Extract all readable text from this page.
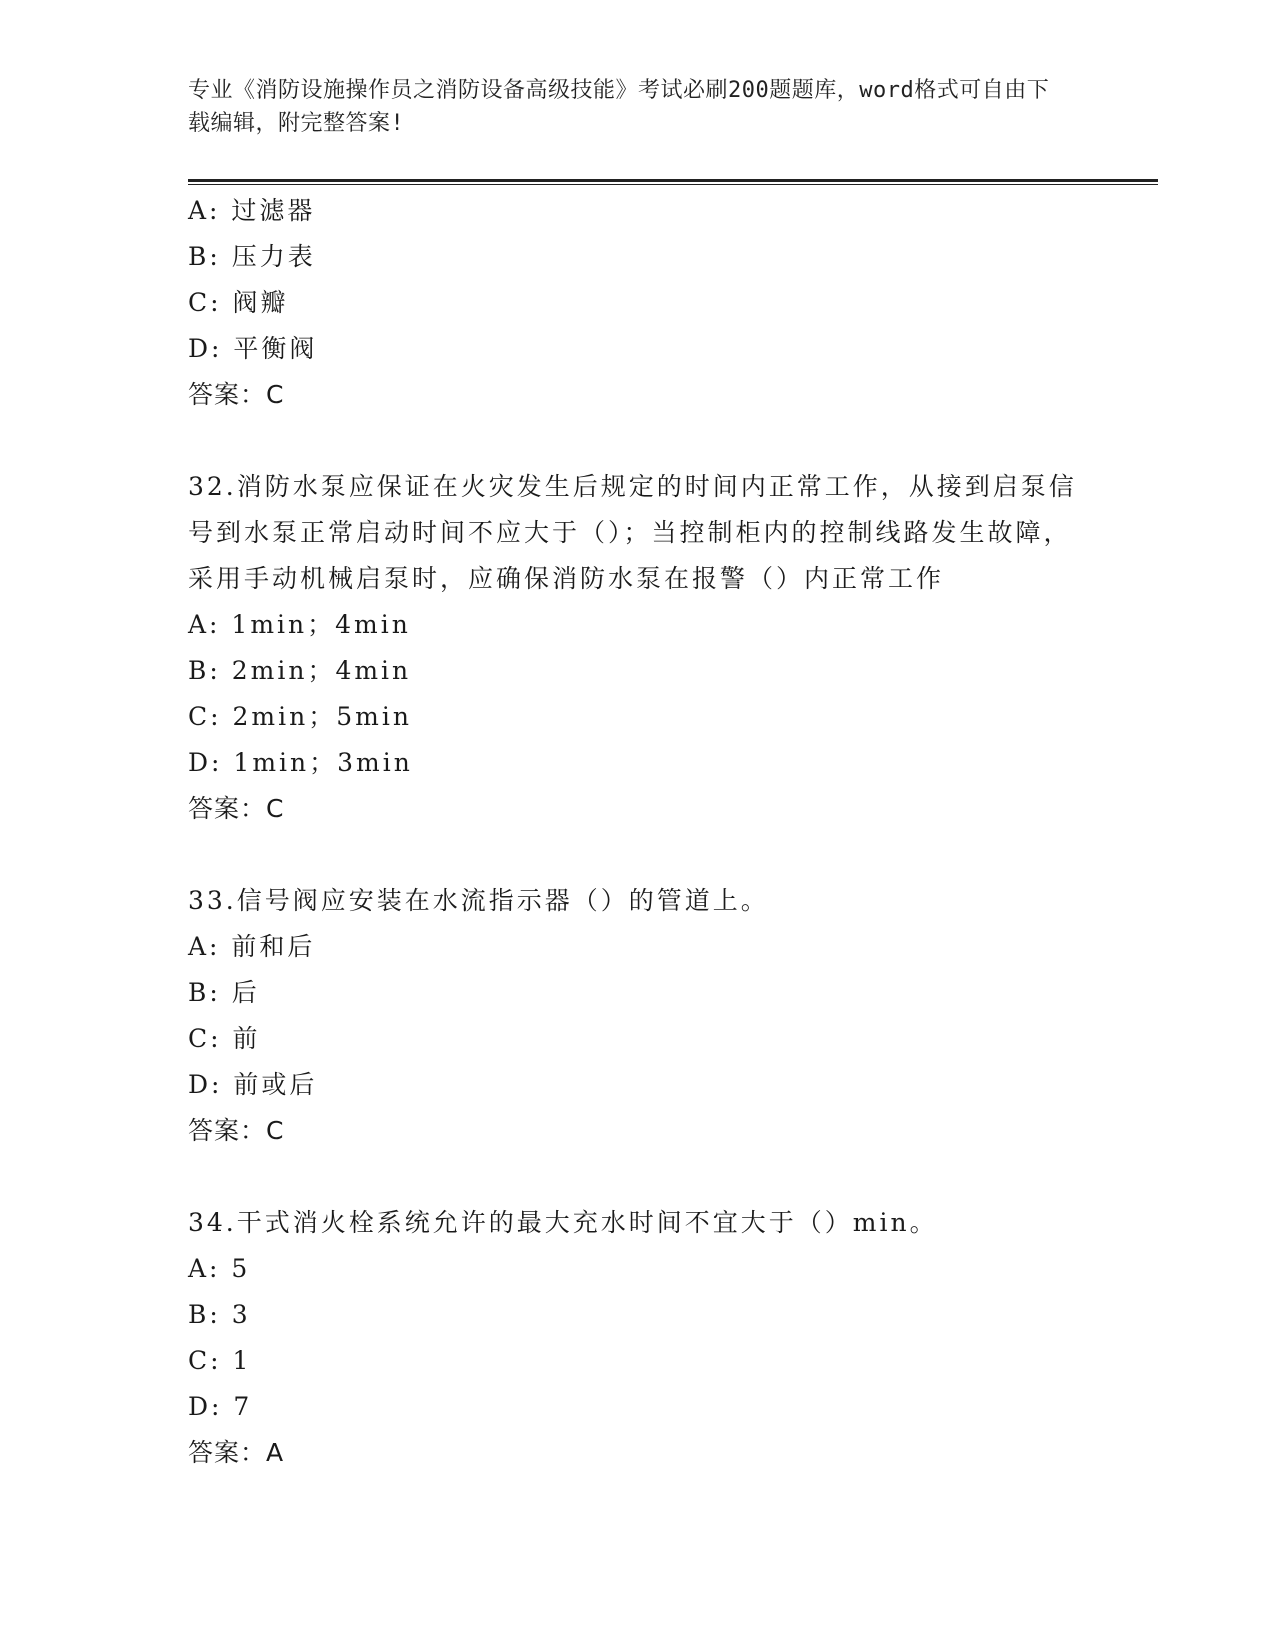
专业《消防设施操作员之消防设备高级技能》考试必刷200题题库，word格式可自由下载编辑，附完整答案!
A: 过滤器
B: 压力表
C: 阀瓣
D: 平衡阀
答案：C
32.消防水泵应保证在火灾发生后规定的时间内正常工作，从接到启泵信号到水泵正常启动时间不应大于（）；当控制柜内的控制线路发生故障，采用手动机械启泵时，应确保消防水泵在报警（）内正常工作
A: 1min；4min
B: 2min；4min
C: 2min；5min
D: 1min；3min
答案：C
33.信号阀应安装在水流指示器（）的管道上。
A: 前和后
B: 后
C: 前
D: 前或后
答案：C
34.干式消火栓系统允许的最大充水时间不宜大于（）min。
A: 5
B: 3
C: 1
D: 7
答案：A
